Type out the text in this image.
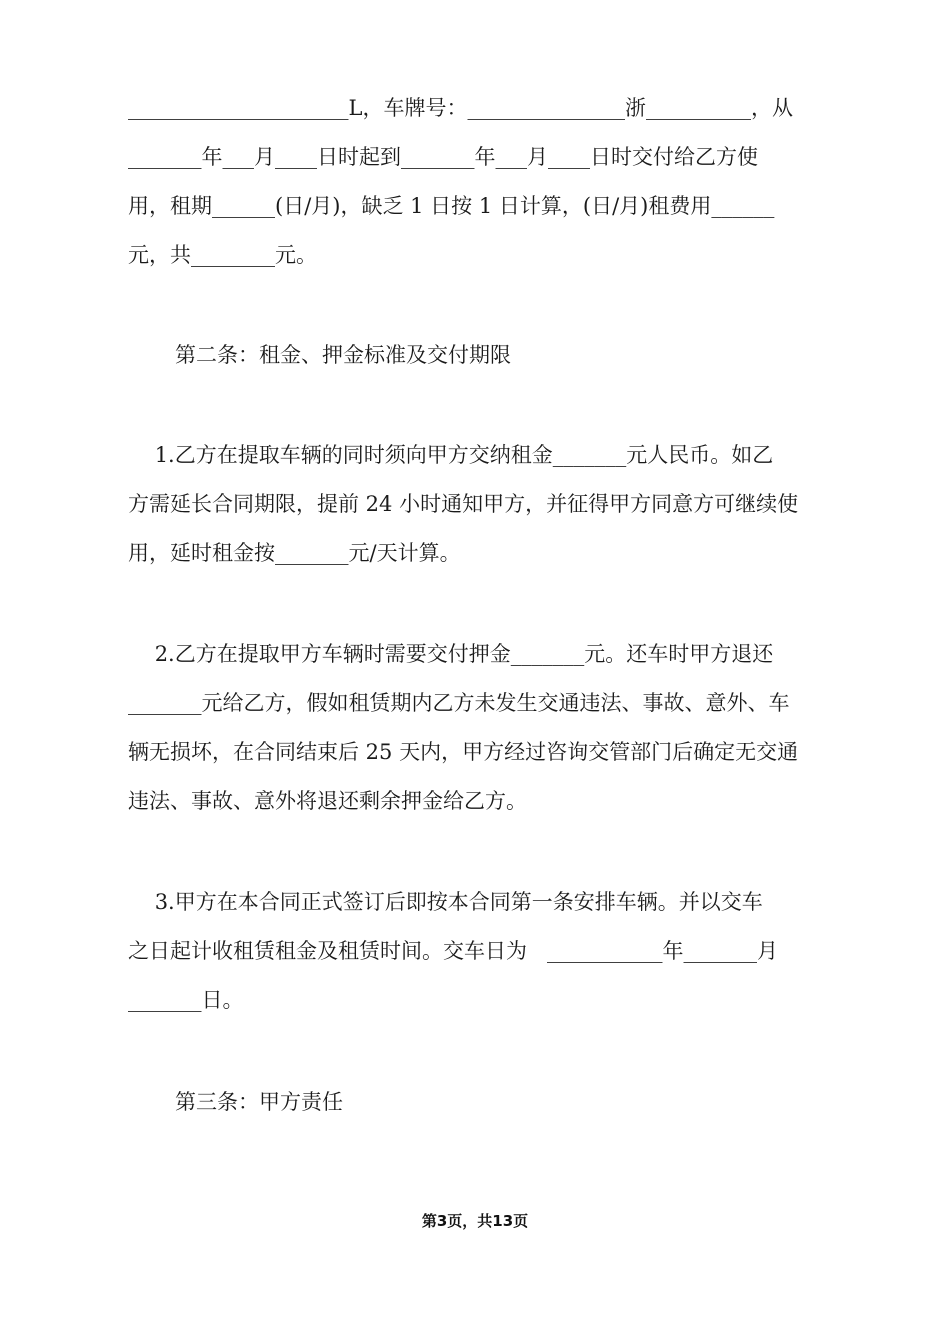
_____________________L，车牌号：_______________浙__________，从
_______年___月____日时起到_______年___月____日时交付给乙方使
用，租期______(日/月)，缺乏 1 日按 1 日计算，(日/月)租费用______
元，共________元。
第二条：租金、押金标准及交付期限
1.乙方在提取车辆的同时须向甲方交纳租金_______元人民币。如乙
方需延长合同期限，提前 24 小时通知甲方，并征得甲方同意方可继续使
用，延时租金按_______元/天计算。
2.乙方在提取甲方车辆时需要交付押金_______元。还车时甲方退还
_______元给乙方，假如租赁期内乙方未发生交通违法、事故、意外、车
辆无损坏，在合同结束后 25 天内，甲方经过咨询交管部门后确定无交通
违法、事故、意外将退还剩余押金给乙方。
3.甲方在本合同正式签订后即按本合同第一条安排车辆。并以交车
之日起计收租赁租金及租赁时间。交车日为   ___________年_______月
_______日。
第三条：甲方责任
第3页，共13页
